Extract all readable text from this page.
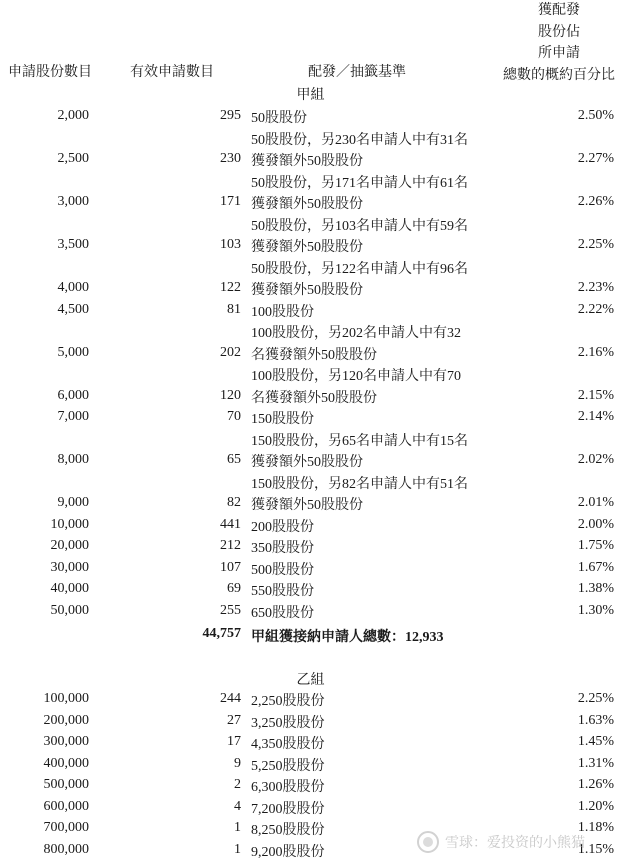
申請股份數目	有效申請數目	配發／抽籤基準
獲配發
股份佔
所申請
總數的概約百分比
甲組
2,000	295 50股股份	2.50%
2,500	230
50股股份，另230名申請人中有31名
獲發額外50股股份	2.27%
3,000	171
50股股份，另171名申請人中有61名
獲發額外50股股份	2.26%
3,500	103
50股股份，另103名申請人中有59名
獲發額外50股股份	2.25%
4,000	122
50股股份，另122名申請人中有96名
獲發額外50股股份	2.23%
4,500	81 100股股份	2.22%
5,000	202
100股股份，另202名申請人中有32
名獲發額外50股股份	2.16%
6,000	120
100股股份，另120名申請人中有70
名獲發額外50股股份	2.15%
7,000	70 150股股份	2.14%
8,000	65
150股股份，另65名申請人中有15名
獲發額外50股股份	2.02%
9,000	82
150股股份，另82名申請人中有51名
獲發額外50股股份	2.01%
10,000	441 200股股份	2.00%
20,000	212 350股股份	1.75%
30,000	107 500股股份	1.67%
40,000	69 550股股份	1.38%
50,000	255 650股股份	1.30%
44,757 甲組獲接納申請人總數：12,933
乙組
100,000	244 2,250股股份	2.25%
200,000	27 3,250股股份	1.63%
300,000	17 4,350股股份	1.45%
400,000	9 5,250股股份	1.31%
500,000	2 6,300股股份	1.26%
600,000	4 7,200股股份	1.20%
700,000	1 8,250股股份	1.18%
800,000	1 9,200股股份	1.15%
雪球：爱投资的小熊猫
